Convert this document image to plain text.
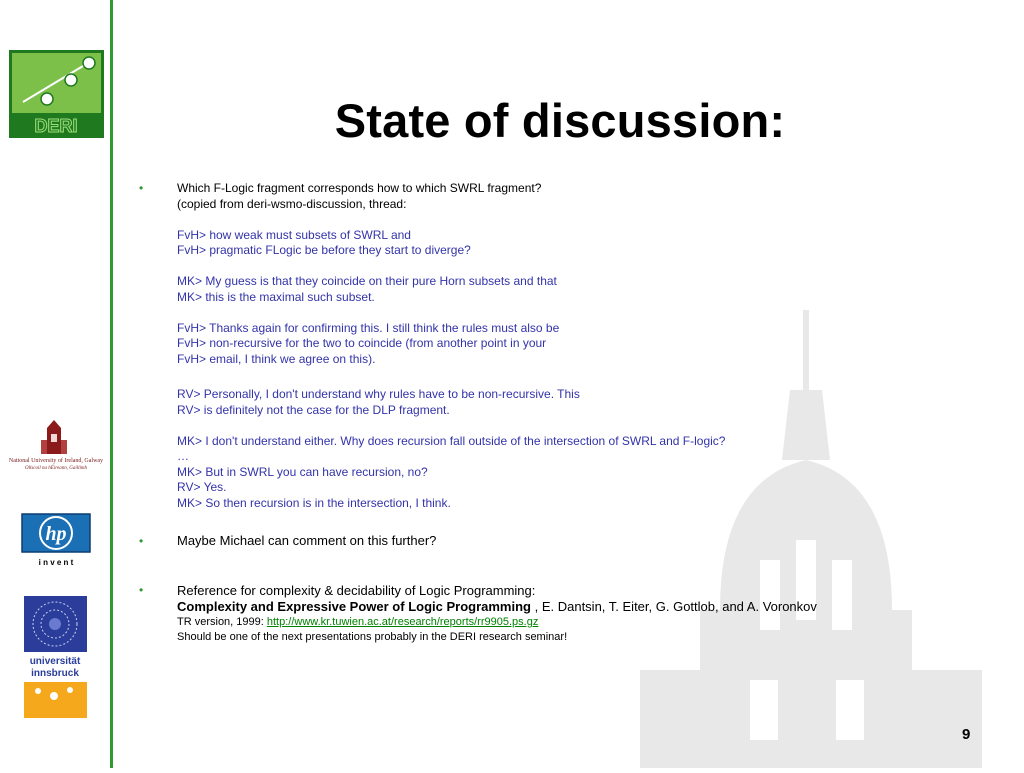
DERI
National University of Ireland, Galway
Ollscoil na hÉireann, Gaillimh
hp
i n v e n t
universität
innsbruck
State of discussion:
•	Which F-Logic fragment corresponds how to which SWRL fragment?
(copied from deri-wsmo-discussion, thread:
FvH> how weak must subsets of SWRL and
FvH> pragmatic FLogic be before they start to diverge?
MK> My guess is that they coincide on their pure Horn subsets and that
MK> this is the maximal such subset.
FvH> Thanks again for confirming this. I still think the rules must also be
FvH> non-recursive for the two to coincide (from another point in your
FvH> email, I think we agree on this).
RV> Personally, I don't understand why rules have to be non-recursive. This
RV> is definitely not the case for the DLP fragment.
MK> I don't understand either. Why does recursion fall outside of the intersection of SWRL and F-logic?
…
MK> But in SWRL you can have recursion, no?
RV> Yes.
MK> So then recursion is in the intersection, I think.
•	Maybe Michael can comment on this further?
•	Reference for complexity & decidability of Logic Programming:
Complexity and Expressive Power of Logic Programming , E. Dantsin, T. Eiter, G. Gottlob, and A. Voronkov
TR version, 1999: http://www.kr.tuwien.ac.at/research/reports/rr9905.ps.gz
Should be one of the next presentations probably in the DERI research seminar!
9
